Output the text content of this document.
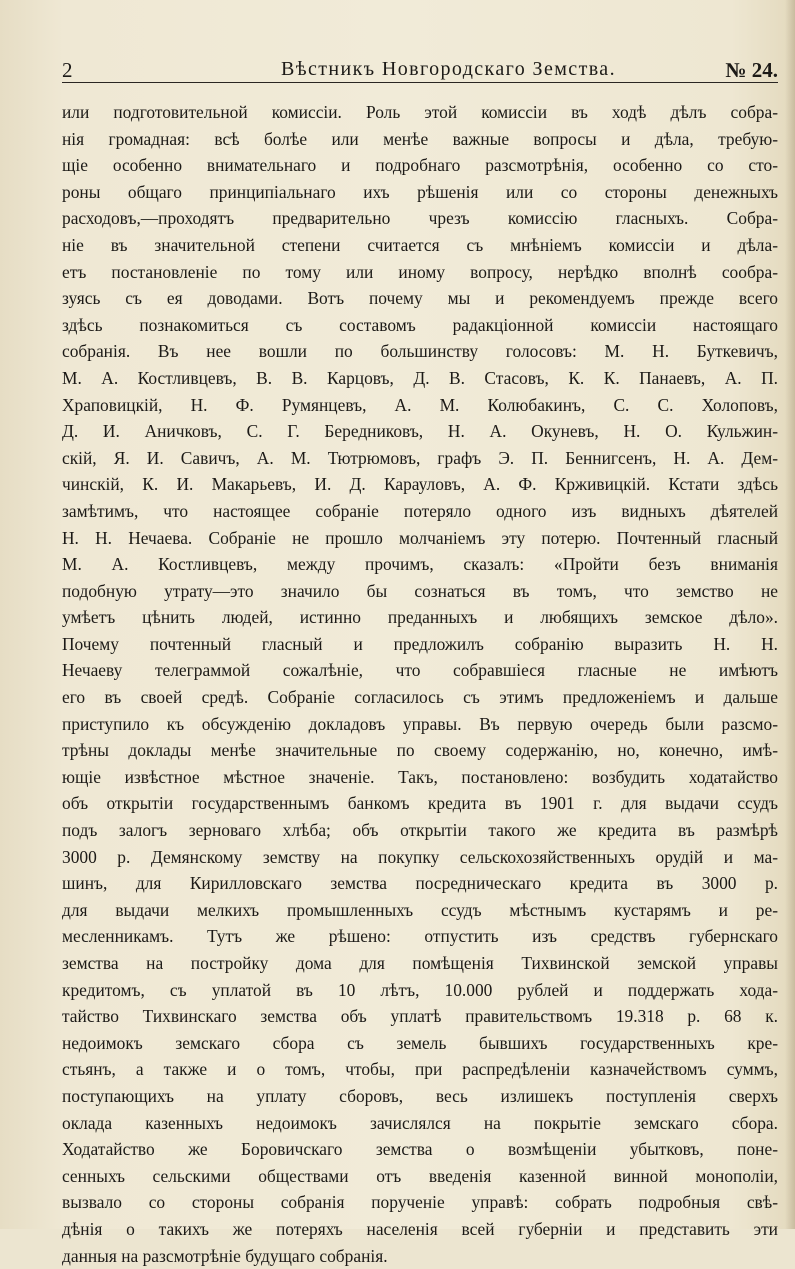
2	Вѣстникъ Новгородскаго Земства.	№ 24.
или подготовительной комиссіи. Роль этой комиссіи въ ходѣ дѣлъ собра-
нія громадная: всѣ болѣе или менѣе важные вопросы и дѣла, требую-
щіе особенно внимательнаго и подробнаго разсмотрѣнія, особенно со сто-
роны общаго принципіальнаго ихъ рѣшенія или со стороны денежныхъ
расходовъ,—проходятъ предварительно чрезъ комиссію гласныхъ. Собра-
ніе въ значительной степени считается съ мнѣніемъ комиссіи и дѣла-
етъ постановленіе по тому или иному вопросу, нерѣдко вполнѣ сообра-
зуясь съ ея доводами. Вотъ почему мы и рекомендуемъ прежде всего
здѣсь познакомиться съ составомъ радакціонной комиссіи настоящаго
собранія. Въ нее вошли по большинству голосовъ: М. Н. Буткевичъ,
М. А. Костливцевъ, В. В. Карцовъ, Д. В. Стасовъ, К. К. Панаевъ, А. П.
Храповицкій, Н. Ф. Румянцевъ, А. М. Колюбакинъ, С. С. Холоповъ,
Д. И. Аничковъ, С. Г. Бередниковъ, Н. А. Окуневъ, Н. О. Кульжин-
скій, Я. И. Савичъ, А. М. Тютрюмовъ, графъ Э. П. Беннигсенъ, Н. А. Дем-
чинскій, К. И. Макарьевъ, И. Д. Карауловъ, А. Ф. Крживицкій. Кстати здѣсь
замѣтимъ, что настоящее собраніе потеряло одного изъ видныхъ дѣятелей
Н. Н. Нечаева. Собраніе не прошло молчаніемъ эту потерю. Почтенный гласный
М. А. Костливцевъ, между прочимъ, сказалъ: «Пройти безъ вниманія
подобную утрату—это значило бы сознаться въ томъ, что земство не
умѣетъ цѣнить людей, истинно преданныхъ и любящихъ земское дѣло».
Почему почтенный гласный и предложилъ собранію выразить Н. Н.
Нечаеву телеграммой сожалѣніе, что собравшіеся гласные не имѣютъ
его въ своей средѣ. Собраніе согласилось съ этимъ предложеніемъ и дальше
приступило къ обсужденію докладовъ управы. Въ первую очередь были разсмо-
трѣны доклады менѣе значительные по своему содержанію, но, конечно, имѣ-
ющіе извѣстное мѣстное значеніе. Такъ, постановлено: возбудить ходатайство
объ открытіи государственнымъ банкомъ кредита въ 1901 г. для выдачи ссудъ
подъ залогъ зерноваго хлѣба; объ открытіи такого же кредита въ размѣрѣ
3000 р. Демянскому земству на покупку сельскохозяйственныхъ орудій и ма-
шинъ, для Кирилловскаго земства посредническаго кредита въ 3000 р.
для выдачи мелкихъ промышленныхъ ссудъ мѣстнымъ кустарямъ и ре-
месленникамъ. Тутъ же рѣшено: отпустить изъ средствъ губернскаго
земства на постройку дома для помѣщенія Тихвинской земской управы
кредитомъ, съ уплатой въ 10 лѣтъ, 10.000 рублей и поддержать хода-
тайство Тихвинскаго земства объ уплатѣ правительствомъ 19.318 р. 68 к.
недоимокъ земскаго сбора съ земель бывшихъ государственныхъ кре-
стьянъ, а также и о томъ, чтобы, при распредѣленіи казначействомъ суммъ,
поступающихъ на уплату сборовъ, весь излишекъ поступленія сверхъ
оклада казенныхъ недоимокъ зачислялся на покрытіе земскаго сбора.
Ходатайство же Боровичскаго земства о возмѣщеніи убытковъ, поне-
сенныхъ сельскими обществами отъ введенія казенной винной монополіи,
вызвало со стороны собранія порученіе управѣ: собрать подробныя свѣ-
дѣнія о такихъ же потеряхъ населенія всей губерніи и представить эти
данныя на разсмотрѣніе будущаго собранія.
